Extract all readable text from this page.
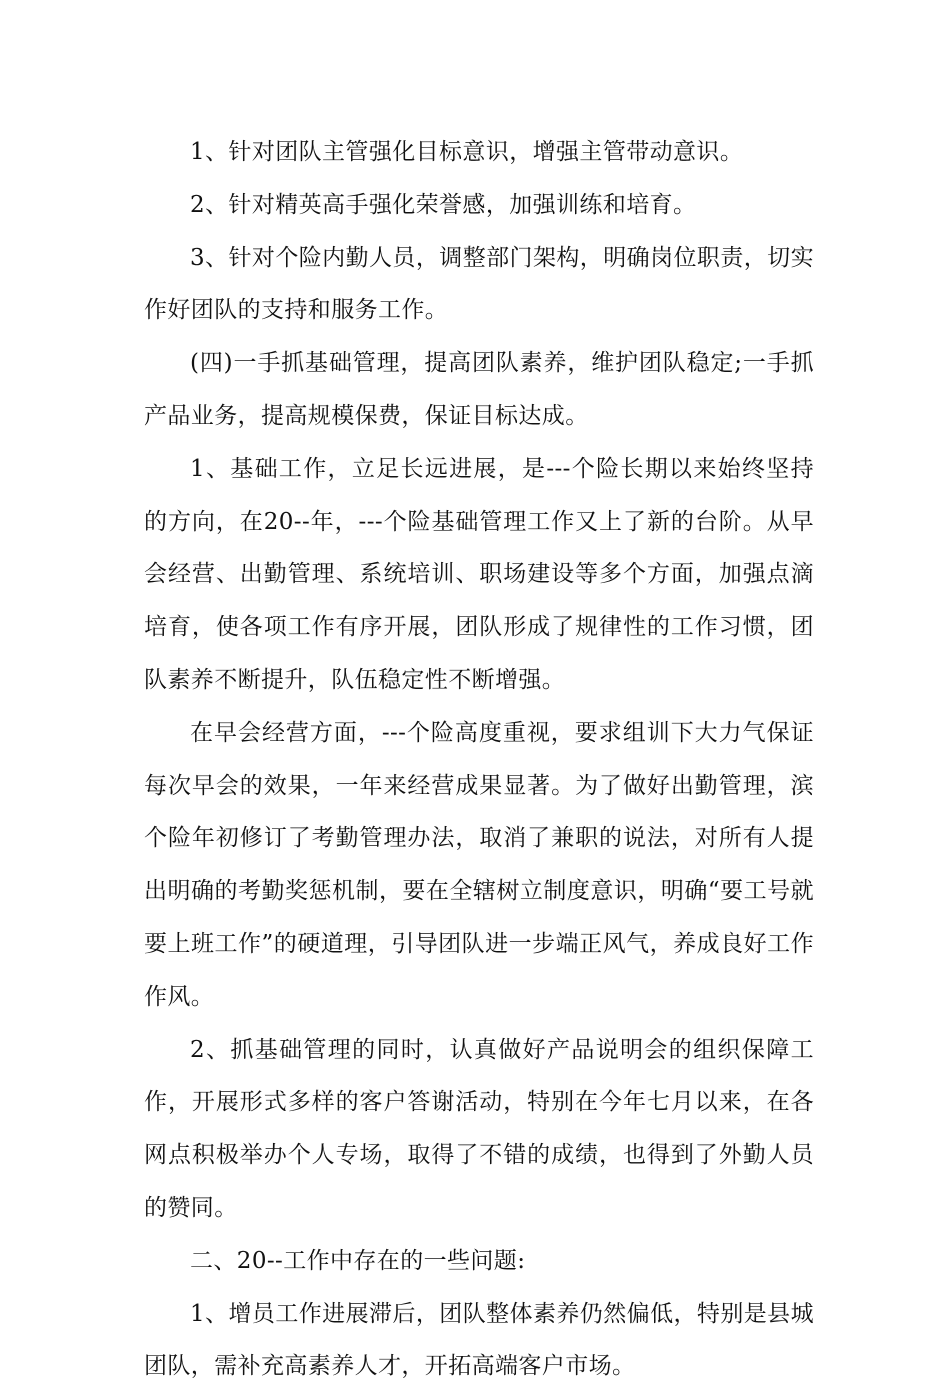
1、针对团队主管强化目标意识，增强主管带动意识。

2、针对精英高手强化荣誉感，加强训练和培育。

3、针对个险内勤人员，调整部门架构，明确岗位职责，切实作好团队的支持和服务工作。

(四)一手抓基础管理，提高团队素养，维护团队稳定;一手抓产品业务，提高规模保费，保证目标达成。

1、基础工作，立足长远进展，是---个险长期以来始终坚持的方向，在20--年，---个险基础管理工作又上了新的台阶。从早会经营、出勤管理、系统培训、职场建设等多个方面，加强点滴培育，使各项工作有序开展，团队形成了规律性的工作习惯，团队素养不断提升，队伍稳定性不断增强。

在早会经营方面，---个险高度重视，要求组训下大力气保证每次早会的效果，一年来经营成果显著。为了做好出勤管理，滨个险年初修订了考勤管理办法，取消了兼职的说法，对所有人提出明确的考勤奖惩机制，要在全辖树立制度意识，明确“要工号就要上班工作”的硬道理，引导团队进一步端正风气，养成良好工作作风。

2、抓基础管理的同时，认真做好产品说明会的组织保障工作，开展形式多样的客户答谢活动，特别在今年七月以来，在各网点积极举办个人专场，取得了不错的成绩，也得到了外勤人员的赞同。

二、20--工作中存在的一些问题:

1、增员工作进展滞后，团队整体素养仍然偏低，特别是县城团队，需补充高素养人才，开拓高端客户市场。
